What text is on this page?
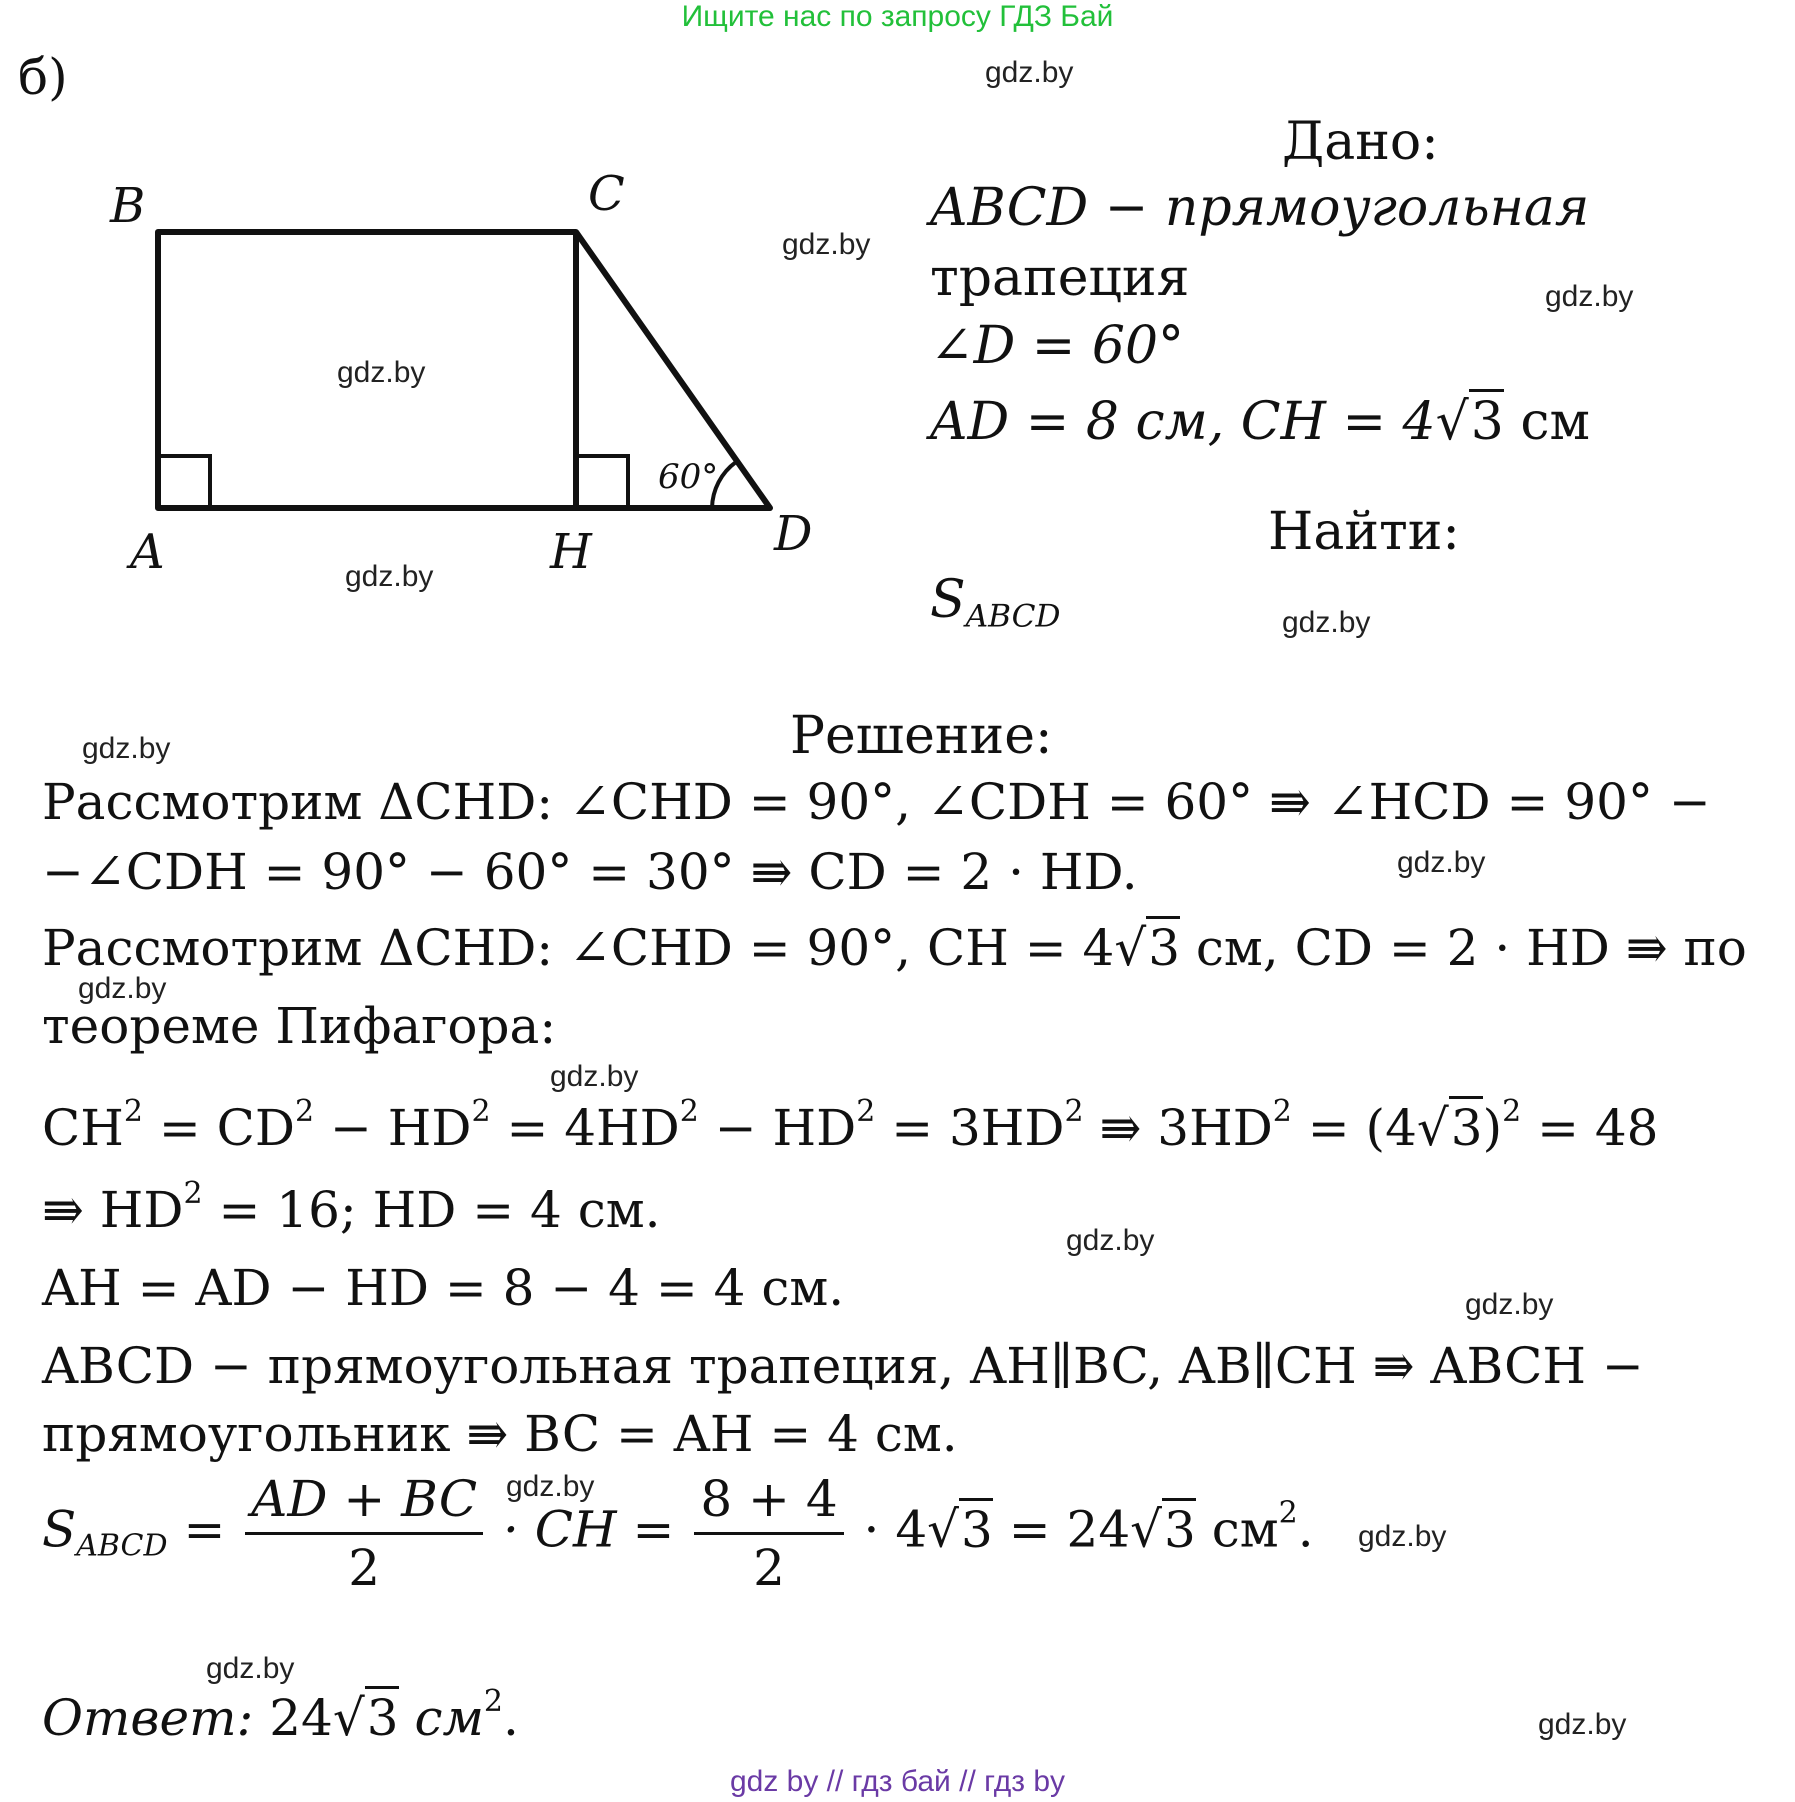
Ищите нас по запросу ГДЗ Бай
gdz by // гдз бай // гдз by
б)
B	C
A	H	D
60°
Дано:
ABCD − прямоугольная
трапеция
∠D = 60°
AD = 8 см, CH = 4√3 см
Найти:
$S_{ABCD}$
Решение:
Рассмотрим ΔCHD: ∠CHD = 90°, ∠CDH = 60° ⇛ ∠HCD = 90° −
−∠CDH = 90° − 60° = 30° ⇛ CD = 2 · HD.
Рассмотрим ΔCHD: ∠CHD = 90°, CH = 4√3 см, CD = 2 · HD ⇛ по
теореме Пифагора:
$CH^2 = CD^2 - HD^2 = 4HD^2 - HD^2 = 3HD^2$ ⇛ $3HD^2 = (4√3)^2 = 48$
⇛ $HD^2 = 16$; HD = 4 см.
AH = AD − HD = 8 − 4 = 4 см.
ABCD − прямоугольная трапеция, AH∥BC, AB∥CH ⇛ ABCH −
прямоугольник ⇛ BC = AH = 4 см.
$S_{ABCD} = \frac{AD + BC}{2}$ · CH = $\frac{8 + 4}{2} \cdot 4√3 = 24√3$ $см^2$.
Ответ: 24√3 $см^2$.
gdz.by
gdz.by
gdz.by
gdz.by
gdz.by
gdz.by
gdz.by
gdz.by
gdz.by
gdz.by
gdz.by
gdz.by
gdz.by
gdz.by
gdz.by
gdz.by
